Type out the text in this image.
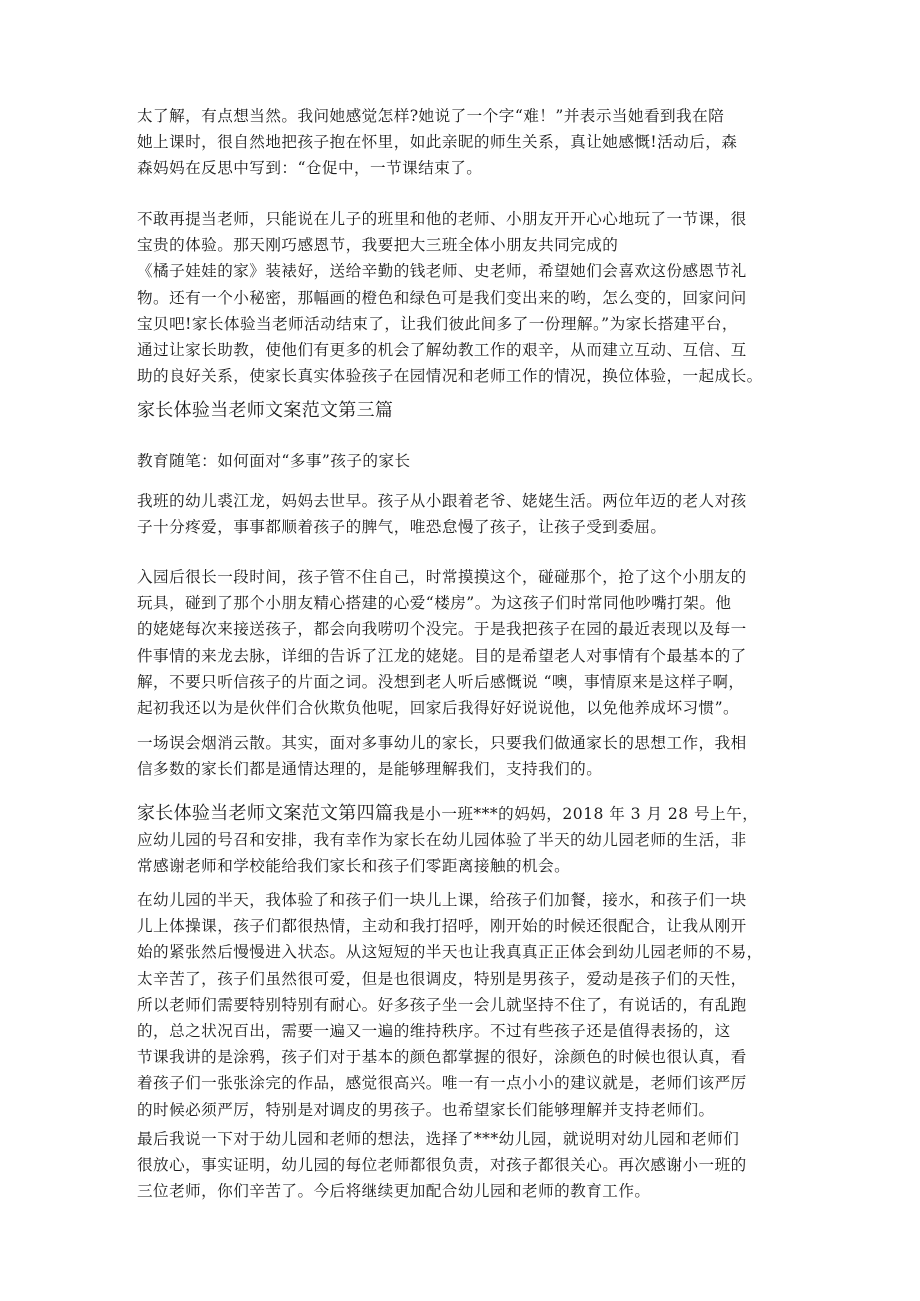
太了解，有点想当然。我问她感觉怎样?她说了一个字“难！”并表示当她看到我在陪
她上课时，很自然地把孩子抱在怀里，如此亲昵的师生关系，真让她感慨!活动后，森
森妈妈在反思中写到：“仓促中，一节课结束了。
不敢再提当老师，只能说在儿子的班里和他的老师、小朋友开开心心地玩了一节课，很
宝贵的体验。那天刚巧感恩节，我要把大三班全体小朋友共同完成的
《橘子娃娃的家》装裱好，送给辛勤的钱老师、史老师，希望她们会喜欢这份感恩节礼
物。还有一个小秘密，那幅画的橙色和绿色可是我们变出来的哟，怎么变的，回家问问
宝贝吧!家长体验当老师活动结束了，让我们彼此间多了一份理解。”为家长搭建平台，
通过让家长助教，使他们有更多的机会了解幼教工作的艰辛，从而建立互动、互信、互
助的良好关系，使家长真实体验孩子在园情况和老师工作的情况，换位体验，一起成长。
家长体验当老师文案范文第三篇
教育随笔：如何面对“多事”孩子的家长
我班的幼儿裘江龙，妈妈去世早。孩子从小跟着老爷、姥姥生活。两位年迈的老人对孩
子十分疼爱，事事都顺着孩子的脾气，唯恐怠慢了孩子，让孩子受到委屈。
入园后很长一段时间，孩子管不住自己，时常摸摸这个，碰碰那个，抢了这个小朋友的
玩具，碰到了那个小朋友精心搭建的心爱“楼房”。为这孩子们时常同他吵嘴打架。他
的姥姥每次来接送孩子，都会向我唠叨个没完。于是我把孩子在园的最近表现以及每一
件事情的来龙去脉，详细的告诉了江龙的姥姥。目的是希望老人对事情有个最基本的了
解，不要只听信孩子的片面之词。没想到老人听后感慨说 “噢，事情原来是这样子啊，
起初我还以为是伙伴们合伙欺负他呢，回家后我得好好说说他，以免他养成坏习惯”。
一场误会烟消云散。其实，面对多事幼儿的家长，只要我们做通家长的思想工作，我相
信多数的家长们都是通情达理的，是能够理解我们，支持我们的。
家长体验当老师文案范文第四篇我是小一班***的妈妈，2018 年 3 月 28 号上午，
应幼儿园的号召和安排，我有幸作为家长在幼儿园体验了半天的幼儿园老师的生活，非
常感谢老师和学校能给我们家长和孩子们零距离接触的机会。
在幼儿园的半天，我体验了和孩子们一块儿上课，给孩子们加餐，接水，和孩子们一块
儿上体操课，孩子们都很热情，主动和我打招呼，刚开始的时候还很配合，让我从刚开
始的紧张然后慢慢进入状态。从这短短的半天也让我真真正正体会到幼儿园老师的不易，
太辛苦了，孩子们虽然很可爱，但是也很调皮，特别是男孩子，爱动是孩子们的天性，
所以老师们需要特别特别有耐心。好多孩子坐一会儿就坚持不住了，有说话的，有乱跑
的，总之状况百出，需要一遍又一遍的维持秩序。不过有些孩子还是值得表扬的，这
节课我讲的是涂鸦，孩子们对于基本的颜色都掌握的很好，涂颜色的时候也很认真，看
着孩子们一张张涂完的作品，感觉很高兴。唯一有一点小小的建议就是，老师们该严厉
的时候必须严厉，特别是对调皮的男孩子。也希望家长们能够理解并支持老师们。
最后我说一下对于幼儿园和老师的想法，选择了***幼儿园，就说明对幼儿园和老师们
很放心，事实证明，幼儿园的每位老师都很负责，对孩子都很关心。再次感谢小一班的
三位老师，你们辛苦了。今后将继续更加配合幼儿园和老师的教育工作。
